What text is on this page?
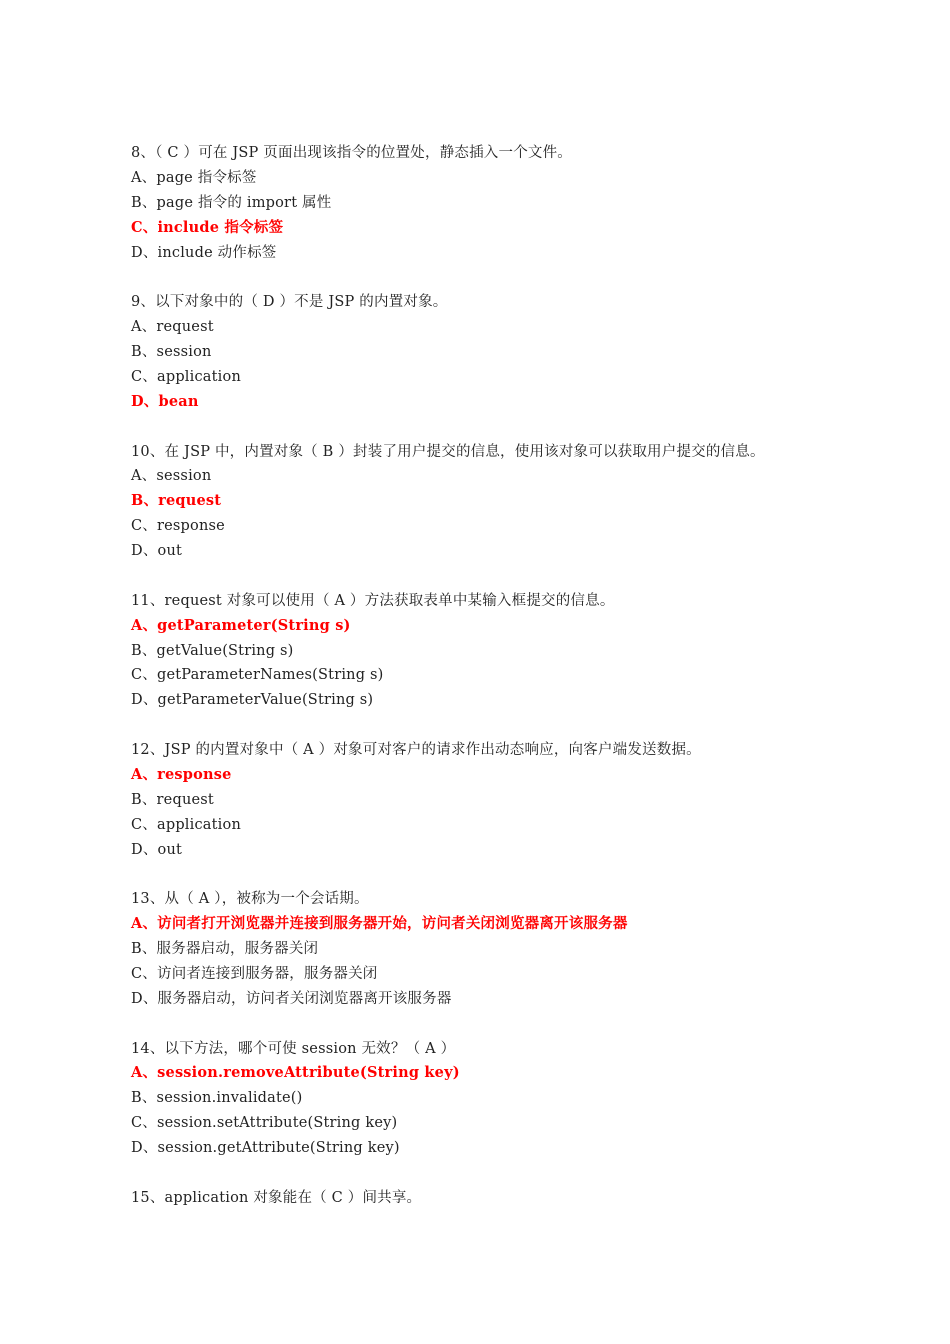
8、（ C ）可在 JSP 页面出现该指令的位置处，静态插入一个文件。
A、page 指令标签
B、page 指令的 import 属性
C、include 指令标签
D、include 动作标签
9、以下对象中的（ D ）不是 JSP 的内置对象。
A、request
B、session
C、application
D、bean
10、在 JSP 中，内置对象（ B ）封装了用户提交的信息，使用该对象可以获取用户提交的信息。
A、session
B、request
C、response
D、out
11、request 对象可以使用（ A ）方法获取表单中某输入框提交的信息。
A、getParameter(String s)
B、getValue(String s)
C、getParameterNames(String s)
D、getParameterValue(String s)
12、JSP 的内置对象中（ A ）对象可对客户的请求作出动态响应，向客户端发送数据。
A、response
B、request
C、application
D、out
13、从（ A ），被称为一个会话期。
A、访问者打开浏览器并连接到服务器开始，访问者关闭浏览器离开该服务器
B、服务器启动，服务器关闭
C、访问者连接到服务器，服务器关闭
D、服务器启动，访问者关闭浏览器离开该服务器
14、以下方法，哪个可使 session 无效？（ A ）
A、session.removeAttribute(String key)
B、session.invalidate()
C、session.setAttribute(String key)
D、session.getAttribute(String key)
15、application 对象能在（ C ）间共享。
